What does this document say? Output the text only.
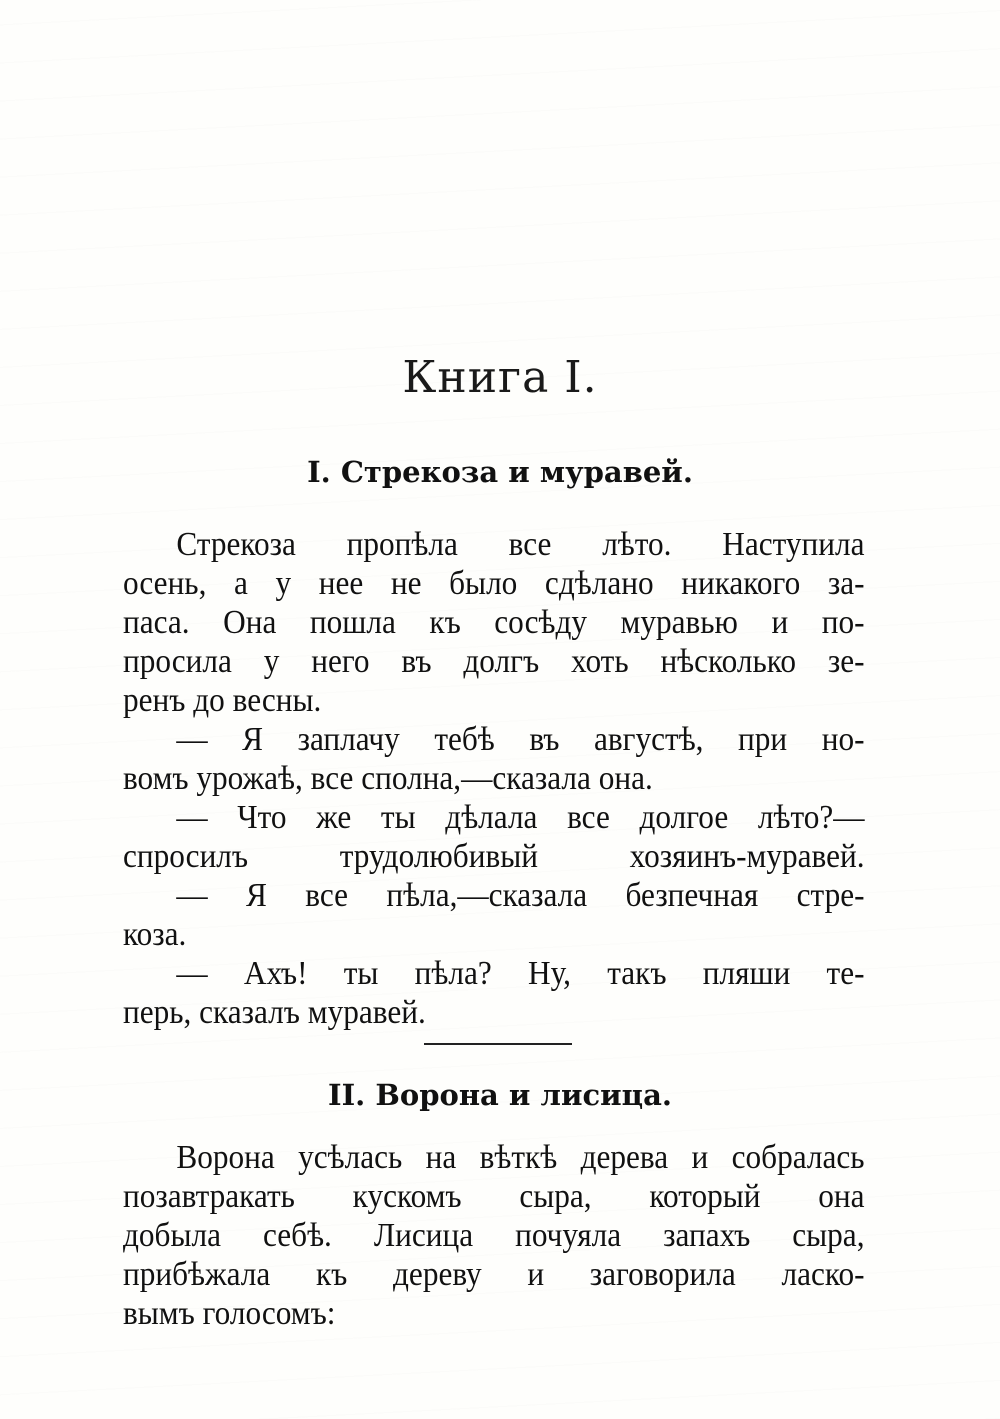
Книга I.
I. Стрекоза и муравей.
Стрекоза пропѣла все лѣто. Наступила
осень, а у нее не было сдѣлано никакого за-
паса. Она пошла къ сосѣду муравью и по-
просила у него въ долгъ хоть нѣсколько зе-
ренъ до весны.
— Я заплачу тебѣ въ августѣ, при но-
вомъ урожаѣ, все сполна,—сказала она.
— Что же ты дѣлала все долгое лѣто?—
спросилъ трудолюбивый хозяинъ-муравей.
— Я все пѣла,—сказала безпечная стре-
коза.
— Ахъ! ты пѣла? Ну, такъ пляши те-
перь, сказалъ муравей.
II. Ворона и лисица.
Ворона усѣлась на вѣткѣ дерева и собралась
позавтракать кускомъ сыра, который она
добыла себѣ. Лисица почуяла запахъ сыра,
прибѣжала къ дереву и заговорила ласко-
вымъ голосомъ:
